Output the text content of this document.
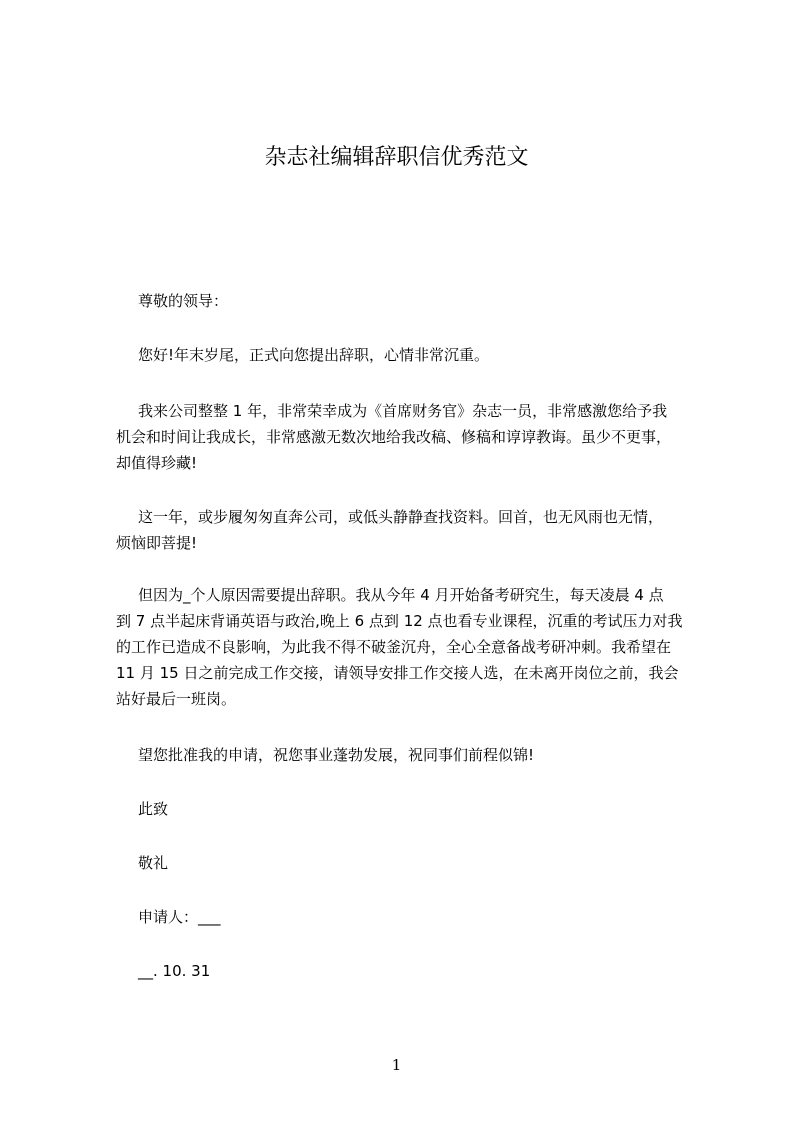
杂志社编辑辞职信优秀范文
尊敬的领导：
您好!年末岁尾，正式向您提出辞职，心情非常沉重。
我来公司整整 1 年，非常荣幸成为《首席财务官》杂志一员，非常感激您给予我
机会和时间让我成长，非常感激无数次地给我改稿、修稿和谆谆教诲。虽少不更事，
却值得珍藏!
这一年，或步履匆匆直奔公司，或低头静静查找资料。回首，也无风雨也无情，
烦恼即菩提!
但因为_个人原因需要提出辞职。我从今年 4 月开始备考研究生，每天凌晨 4 点
到 7 点半起床背诵英语与政治,晚上 6 点到 12 点也看专业课程，沉重的考试压力对我
的工作已造成不良影响，为此我不得不破釜沉舟，全心全意备战考研冲刺。我希望在
11 月 15 日之前完成工作交接，请领导安排工作交接人选，在未离开岗位之前，我会
站好最后一班岗。
望您批准我的申请，祝您事业蓬勃发展，祝同事们前程似锦!
此致
敬礼
申请人：___
__. 10. 31
1
